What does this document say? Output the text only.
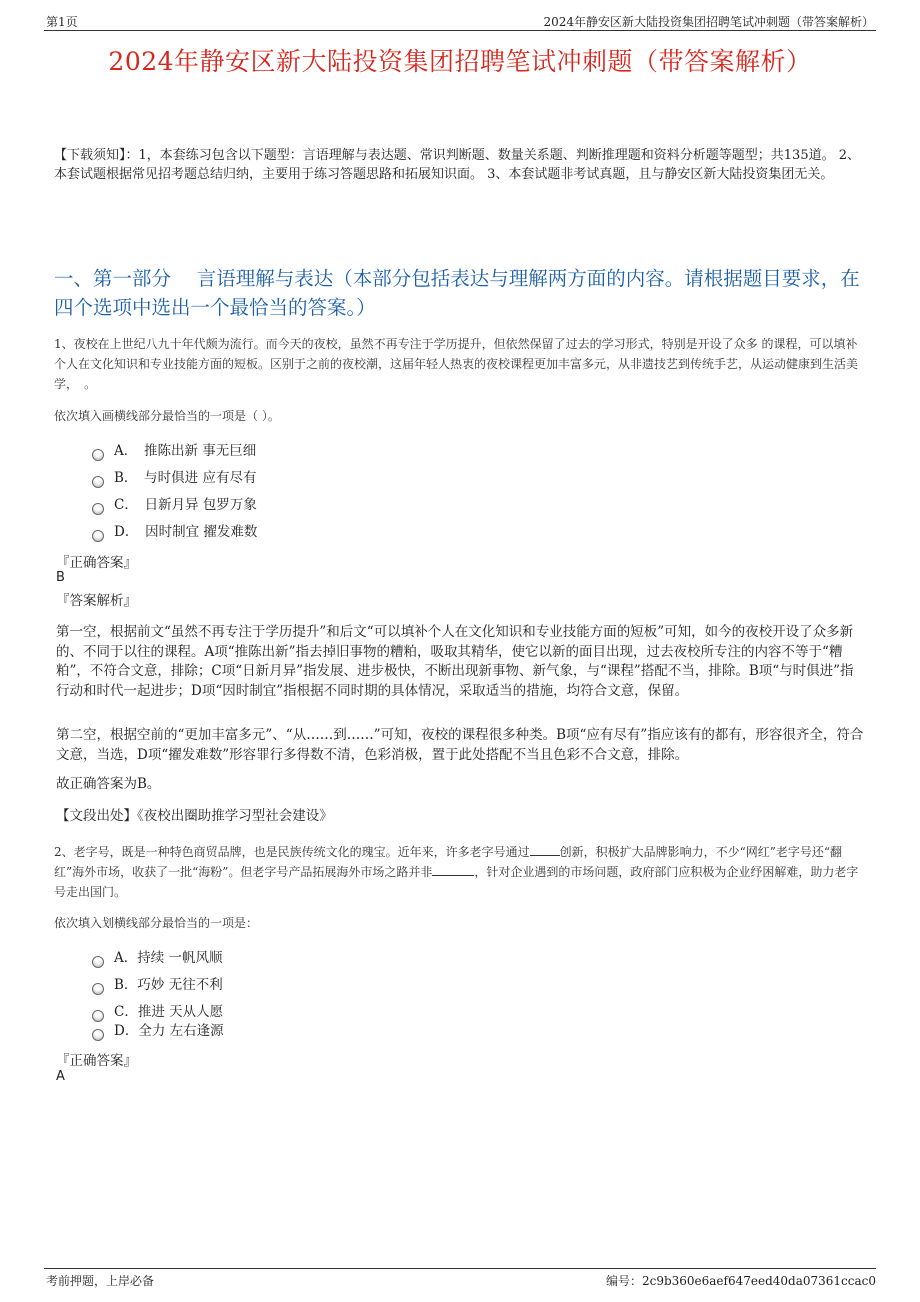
第1页	2024年静安区新大陆投资集团招聘笔试冲刺题（带答案解析）
2024年静安区新大陆投资集团招聘笔试冲刺题（带答案解析）
【下载须知】：1，本套练习包含以下题型：言语理解与表达题、常识判断题、数量关系题、判断推理题和资料分析题等题型；共135道。 2、本套试题根据常见招考题总结归纳，主要用于练习答题思路和拓展知识面。 3、本套试题非考试真题，且与静安区新大陆投资集团无关。
一、第一部分　 言语理解与表达（本部分包括表达与理解两方面的内容。请根据题目要求，在四个选项中选出一个最恰当的答案。）
1、夜校在上世纪八九十年代颇为流行。而今天的夜校，虽然不再专注于学历提升，但依然保留了过去的学习形式，特别是开设了众多 的课程，可以填补个人在文化知识和专业技能方面的短板。区别于之前的夜校潮，这届年轻人热衷的夜校课程更加丰富多元，从非遗技艺到传统手艺，从运动健康到生活美学，　。
依次填入画横线部分最恰当的一项是（ ）。
A．　推陈出新 事无巨细
B．　与时俱进 应有尽有
C．　日新月异 包罗万象
D．　因时制宜 擢发难数
『正确答案』
B
『答案解析』
第一空，根据前文“虽然不再专注于学历提升”和后文“可以填补个人在文化知识和专业技能方面的短板”可知，如今的夜校开设了众多新的、不同于以往的课程。A项“推陈出新”指去掉旧事物的糟粕，吸取其精华，使它以新的面目出现，过去夜校所专注的内容不等于“糟粕”，不符合文意，排除；C项“日新月异”指发展、进步极快，不断出现新事物、新气象，与“课程”搭配不当，排除。B项“与时俱进”指行动和时代一起进步；D项“因时制宜”指根据不同时期的具体情况，采取适当的措施，均符合文意，保留。
第二空，根据空前的“更加丰富多元”、“从……到……”可知，夜校的课程很多种类。B项“应有尽有”指应该有的都有，形容很齐全，符合文意，当选，D项“擢发难数”形容罪行多得数不清，色彩消极，置于此处搭配不当且色彩不合文意，排除。
故正确答案为B。
【文段出处】《夜校出圈助推学习型社会建设》
2、老字号，既是一种特色商贸品牌，也是民族传统文化的瑰宝。近年来，许多老字号通过	创新，积极扩大品牌影响力，不少“网红”老字号还“翻红”海外市场，收获了一批“海粉”。但老字号产品拓展海外市场之路并非	，针对企业遇到的市场问题，政府部门应积极为企业纾困解难，助力老字号走出国门。
依次填入划横线部分最恰当的一项是：
A．持续 一帆风顺
B．巧妙 无往不利
C．推进 天从人愿
D．全力 左右逢源
『正确答案』
A
考前押题，上岸必备	编号：2c9b360e6aef647eed40da07361ccac0
